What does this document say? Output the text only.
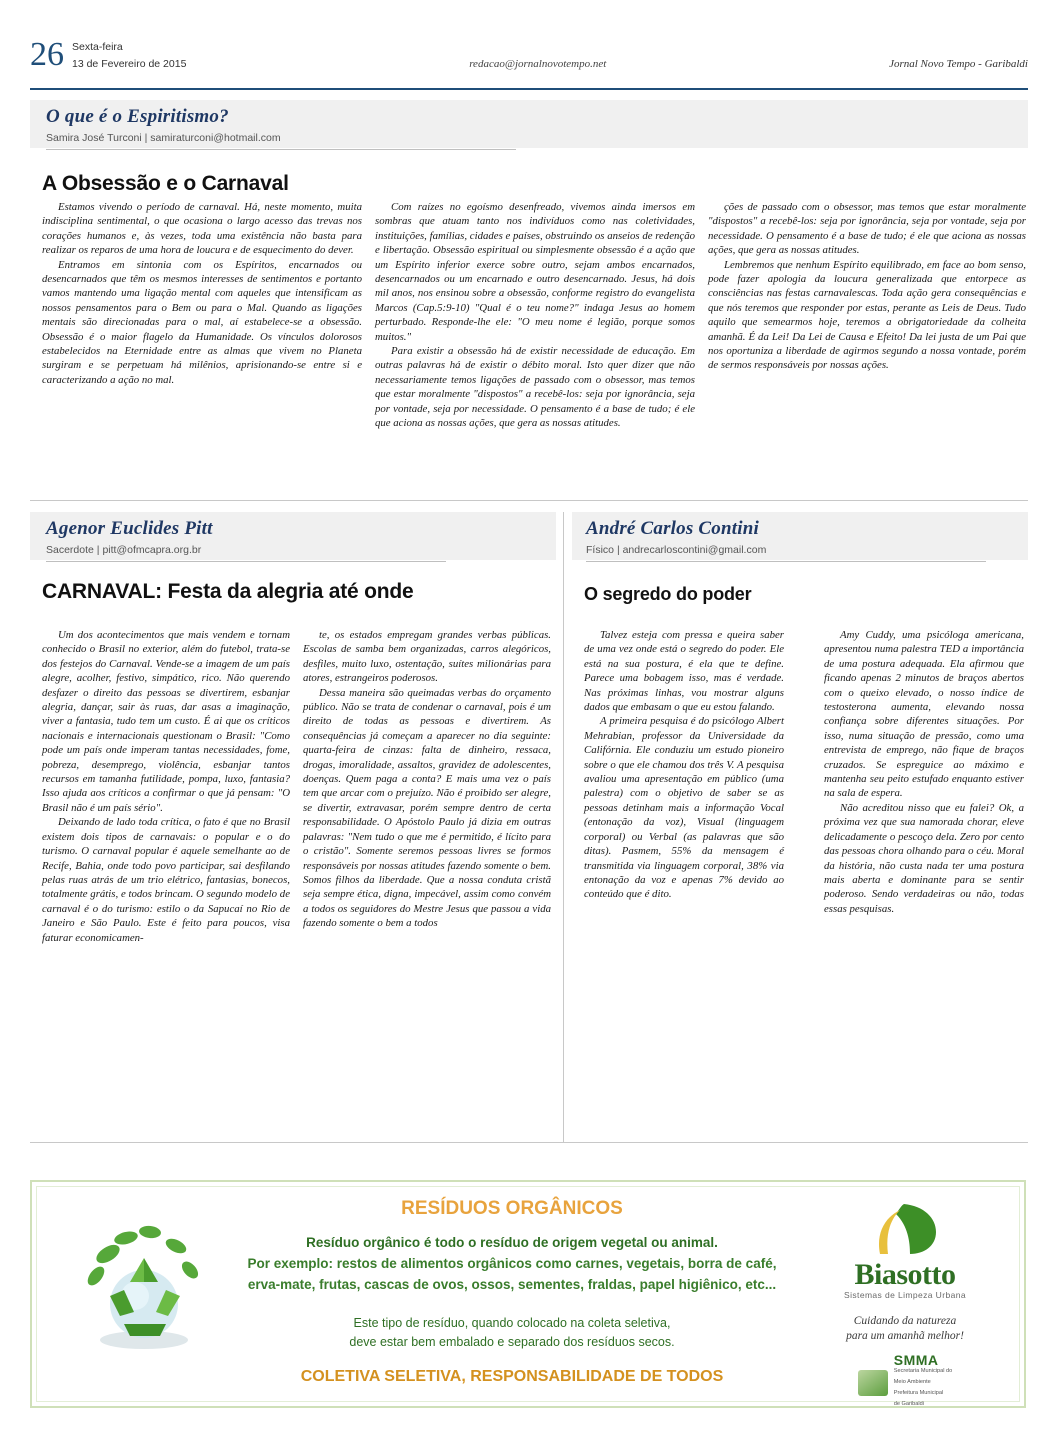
26 Sexta-feira
13 de Fevereiro de 2015	redacao@jornalnovotempo.net	Jornal Novo Tempo - Garibaldi
O que é o Espiritismo?
Samira José Turconi | samiraturconi@hotmail.com
A Obsessão e o Carnaval

Estamos vivendo o período de carnaval. Há, neste momento, muita indisciplina sentimental, o que ocasiona o largo acesso das trevas nos corações humanos e, às vezes, toda uma existência não basta para realizar os reparos de uma hora de loucura e de esquecimento do dever.

Entramos em sintonia com os Espíritos, encarnados ou desencarnados que têm os mesmos interesses de sentimentos e portanto vamos mantendo uma ligação mental com aqueles que intensificam as nossos pensamentos para o Bem ou para o Mal. Quando as ligações mentais são direcionadas para o mal, aí estabelece-se a obsessão. Obsessão é o maior flagelo da Humanidade. Os vínculos dolorosos estabelecidos na Eternidade entre as almas que vivem no Planeta surgiram e se perpetuam há milênios, aprisionando-se entre si e caracterizando a ação no mal.

Com raízes no egoísmo desenfreado, vivemos ainda imersos em sombras que atuam tanto nos indivíduos como nas coletividades, instituições, famílias, cidades e países, obstruindo os anseios de redenção e libertação. Obsessão espiritual ou simplesmente obsessão é a ação que um Espírito inferior exerce sobre outro, sejam ambos encarnados, desencarnados ou um encarnado e outro desencarnado. Jesus, há dois mil anos, nos ensinou sobre a obsessão, conforme registro do evangelista Marcos (Cap.5:9-10) "Qual é o teu nome?" indaga Jesus ao homem perturbado. Responde-lhe ele: "O meu nome é legião, porque somos muitos."

Para existir a obsessão há de existir necessidade de educação. Em outras palavras há de existir o débito moral. Isto quer dizer que não necessariamente temos ligações de passado com o obsessor, mas temos que estar moralmente "dispostos" a recebê-los: seja por ignorância, seja por vontade, seja por necessidade. O pensamento é a base de tudo; é ele que aciona as nossas ações, que gera as nossas atitudes.

ções de passado com o obsessor, mas temos que estar moralmente "dispostos" a recebê-los: seja por ignorância, seja por vontade, seja por necessidade. O pensamento é a base de tudo; é ele que aciona as nossas ações, que gera as nossas atitudes.

Lembremos que nenhum Espírito equilibrado, em face ao bom senso, pode fazer apologia da loucura generalizada que entorpece as consciências nas festas carnavalescas. Toda ação gera consequências e que nós teremos que responder por estas, perante as Leis de Deus. Tudo aquilo que semearmos hoje, teremos a obrigatoriedade da colheita amanhã. É da Lei! Da Lei de Causa e Efeito! Da lei justa de um Pai que nos oportuniza a liberdade de agirmos segundo a nossa vontade, porém de sermos responsáveis por nossas ações.

Agenor Euclides Pitt
Sacerdote | pitt@ofmcapra.org.br
CARNAVAL: Festa da alegria até onde

Um dos acontecimentos que mais vendem e tornam conhecido o Brasil no exterior, além do futebol, trata-se dos festejos do Carnaval. Vende-se a imagem de um país alegre, acolher, festivo, simpático, rico. Não querendo desfazer o direito das pessoas se divertirem, esbanjar alegria, dançar, sair às ruas, dar asas a imaginação, viver a fantasia, tudo tem um custo. É ai que os críticos nacionais e internacionais questionam o Brasil: "Como pode um país onde imperam tantas necessidades, fome, pobreza, desemprego, violência, esbanjar tantos recursos em tamanha futilidade, pompa, luxo, fantasia? Isso ajuda aos críticos a confirmar o que já pensam: "O Brasil não é um país sério".

Deixando de lado toda crítica, o fato é que no Brasil existem dois tipos de carnavais: o popular e o do turismo. O carnaval popular é aquele semelhante ao de Recife, Bahia, onde todo povo participar, sai desfilando pelas ruas atrás de um trio elétrico, fantasias, bonecos, totalmente grátis, e todos brincam. O segundo modelo de carnaval é o do turismo: estilo o da Sapucaí no Rio de Janeiro e São Paulo. Este é feito para poucos, visa faturar economicamen-

te, os estados empregam grandes verbas públicas. Escolas de samba bem organizadas, carros alegóricos, desfiles, muito luxo, ostentação, suítes milionárias para atores, estrangeiros poderosos.

Dessa maneira são queimadas verbas do orçamento público. Não se trata de condenar o carnaval, pois é um direito de todas as pessoas e divertirem. As consequências já começam a aparecer no dia seguinte: quarta-feira de cinzas: falta de dinheiro, ressaca, drogas, imoralidade, assaltos, gravidez de adolescentes, doenças. Quem paga a conta? E mais uma vez o país tem que arcar com o prejuízo. Não é proibido ser alegre, se divertir, extravasar, porém sempre dentro de certa responsabilidade. O Apóstolo Paulo já dizia em outras palavras: "Nem tudo o que me é permitido, é lícito para o cristão". Somente seremos pessoas livres se formos responsáveis por nossas atitudes fazendo somente o bem. Somos filhos da liberdade. Que a nossa conduta cristã seja sempre ética, digna, impecável, assim como convém a todos os seguidores do Mestre Jesus que passou a vida fazendo somente o bem a todos

André Carlos Contini
Físico | andrecarloscontini@gmail.com
O segredo do poder

Talvez esteja com pressa e queira saber de uma vez onde está o segredo do poder. Ele está na sua postura, é ela que te define. Parece uma bobagem isso, mas é verdade. Nas próximas linhas, vou mostrar alguns dados que embasam o que eu estou falando.

A primeira pesquisa é do psicólogo Albert Mehrabian, professor da Universidade da Califórnia. Ele conduziu um estudo pioneiro sobre o que ele chamou dos três V. A pesquisa avaliou uma apresentação em público (uma palestra) com o objetivo de saber se as pessoas detinham mais a informação Vocal (entonação da voz), Visual (linguagem corporal) ou Verbal (as palavras que são ditas). Pasmem, 55% da mensagem é transmitida via linguagem corporal, 38% via entonação da voz e apenas 7% devido ao conteúdo que é dito.

Amy Cuddy, uma psicóloga americana, apresentou numa palestra TED a importância de uma postura adequada. Ela afirmou que ficando apenas 2 minutos de braços abertos com o queixo elevado, o nosso índice de testosterona aumenta, elevando nossa confiança sobre diferentes situações. Por isso, numa situação de pressão, como uma entrevista de emprego, não fique de braços cruzados. Se espreguice ao máximo e mantenha seu peito estufado enquanto estiver na sala de espera.

Não acreditou nisso que eu falei? Ok, a próxima vez que sua namorada chorar, eleve delicadamente o pescoço dela. Zero por cento das pessoas chora olhando para o céu. Moral da história, não custa nada ter uma postura mais aberta e dominante para se sentir poderoso. Sendo verdadeiras ou não, todas essas pesquisas.

RESÍDUOS ORGÂNICOS
Resíduo orgânico é todo o resíduo de origem vegetal ou animal.
Por exemplo: restos de alimentos orgânicos como carnes, vegetais, borra de café,
erva-mate, frutas, cascas de ovos, ossos, sementes, fraldas, papel higiênico, etc...
Este tipo de resíduo, quando colocado na coleta seletiva,
deve estar bem embalado e separado dos resíduos secos.
COLETIVA SELETIVA, RESPONSABILIDADE DE TODOS
Biasotto
Sistemas de Limpeza Urbana
Cuidando da natureza
para um amanhã melhor!
SMMA
Secretaria Municipal do
Meio Ambiente
Prefeitura Municipal
de Garibaldi
